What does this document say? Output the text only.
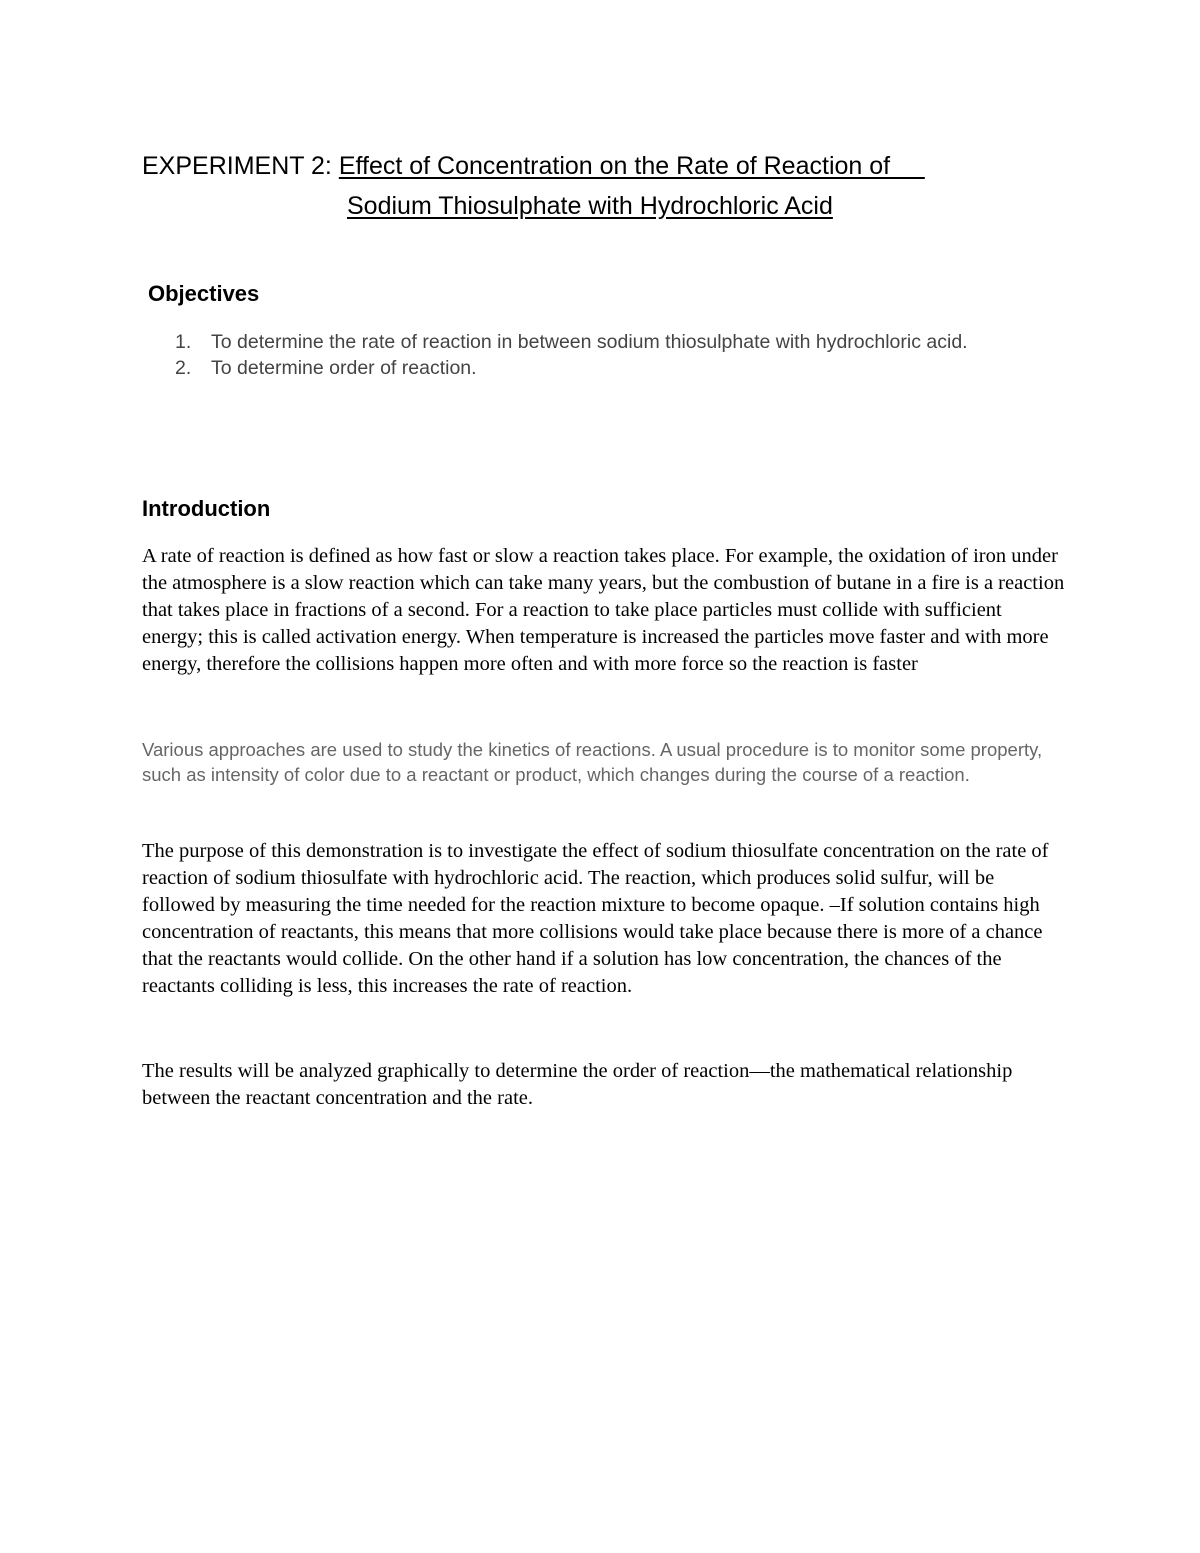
EXPERIMENT 2: Effect of Concentration on the Rate of Reaction of
Sodium Thiosulphate with Hydrochloric Acid
Objectives
1.	To determine the rate of reaction in between sodium thiosulphate with hydrochloric acid.
2.	To determine order of reaction.
Introduction

A rate of reaction is defined as how fast or slow a reaction takes place. For example, the oxidation of iron under the atmosphere is a slow reaction which can take many years, but the combustion of butane in a fire is a reaction that takes place in fractions of a second. For a reaction to take place particles must collide with sufficient energy; this is called activation energy. When temperature is increased the particles move faster and with more energy, therefore the collisions happen more often and with more force so the reaction is faster

Various approaches are used to study the kinetics of reactions. A usual procedure is to monitor some property, such as intensity of color due to a reactant or product, which changes during the course of a reaction.

The purpose of this demonstration is to investigate the effect of sodium thiosulfate concentration on the rate of reaction of sodium thiosulfate with hydrochloric acid. The reaction, which produces solid sulfur, will be followed by measuring the time needed for the reaction mixture to become opaque. –If solution contains high concentration of reactants, this means that more collisions would take place because there is more of a chance that the reactants would collide. On the other hand if a solution has low concentration, the chances of the reactants colliding is less, this increases the rate of reaction.

The results will be analyzed graphically to determine the order of reaction—the mathematical relationship between the reactant concentration and the rate.
